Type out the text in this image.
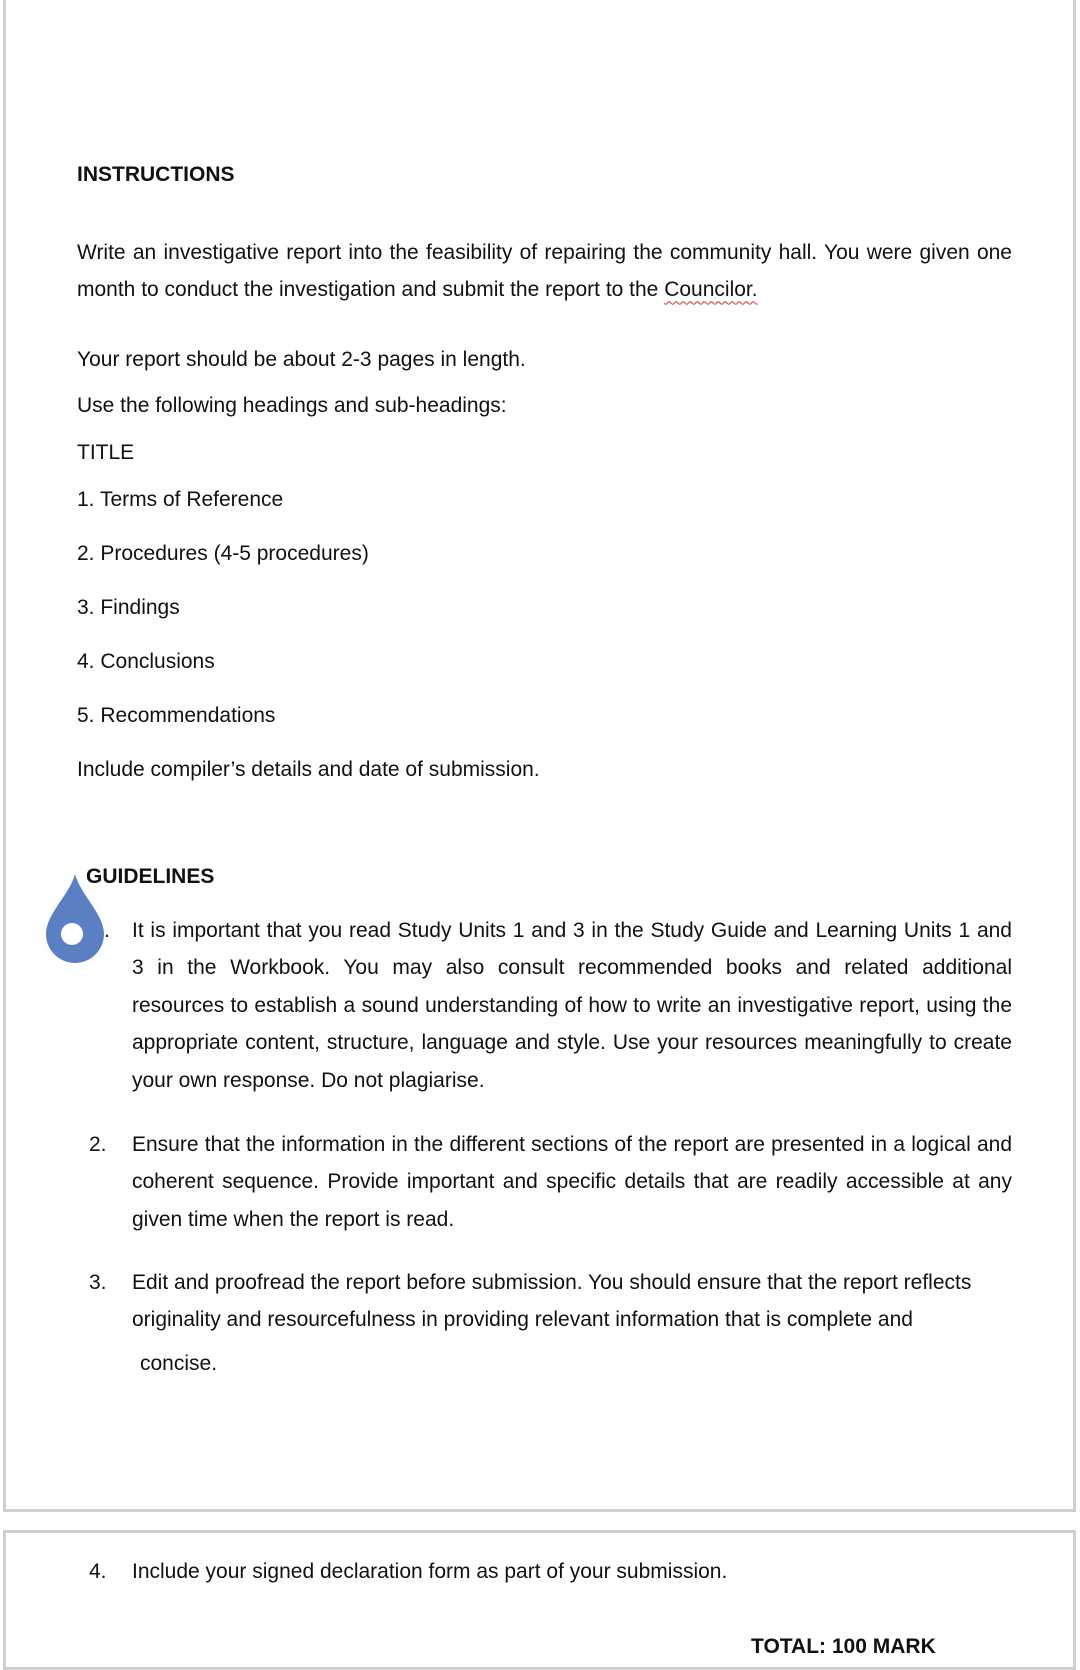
INSTRUCTIONS
Write an investigative report into the feasibility of repairing the community hall. You were given one month to conduct the investigation and submit the report to the Councilor.
Your report should be about 2-3 pages in length.
Use the following headings and sub-headings:
TITLE
1. Terms of Reference
2. Procedures (4-5 procedures)
3. Findings
4. Conclusions
5. Recommendations
Include compiler’s details and date of submission.
GUIDELINES
. It is important that you read Study Units 1 and 3 in the Study Guide and Learning Units 1 and 3 in the Workbook. You may also consult recommended books and related additional resources to establish a sound understanding of how to write an investigative report, using the appropriate content, structure, language and style. Use your resources meaningfully to create your own response. Do not plagiarise.
2. Ensure that the information in the different sections of the report are presented in a logical and coherent sequence. Provide important and specific details that are readily accessible at any given time when the report is read.
3. Edit and proofread the report before submission. You should ensure that the report reflects
originality and resourcefulness in providing relevant information that is complete and
concise.
4. Include your signed declaration form as part of your submission.
TOTAL: 100 MARK
